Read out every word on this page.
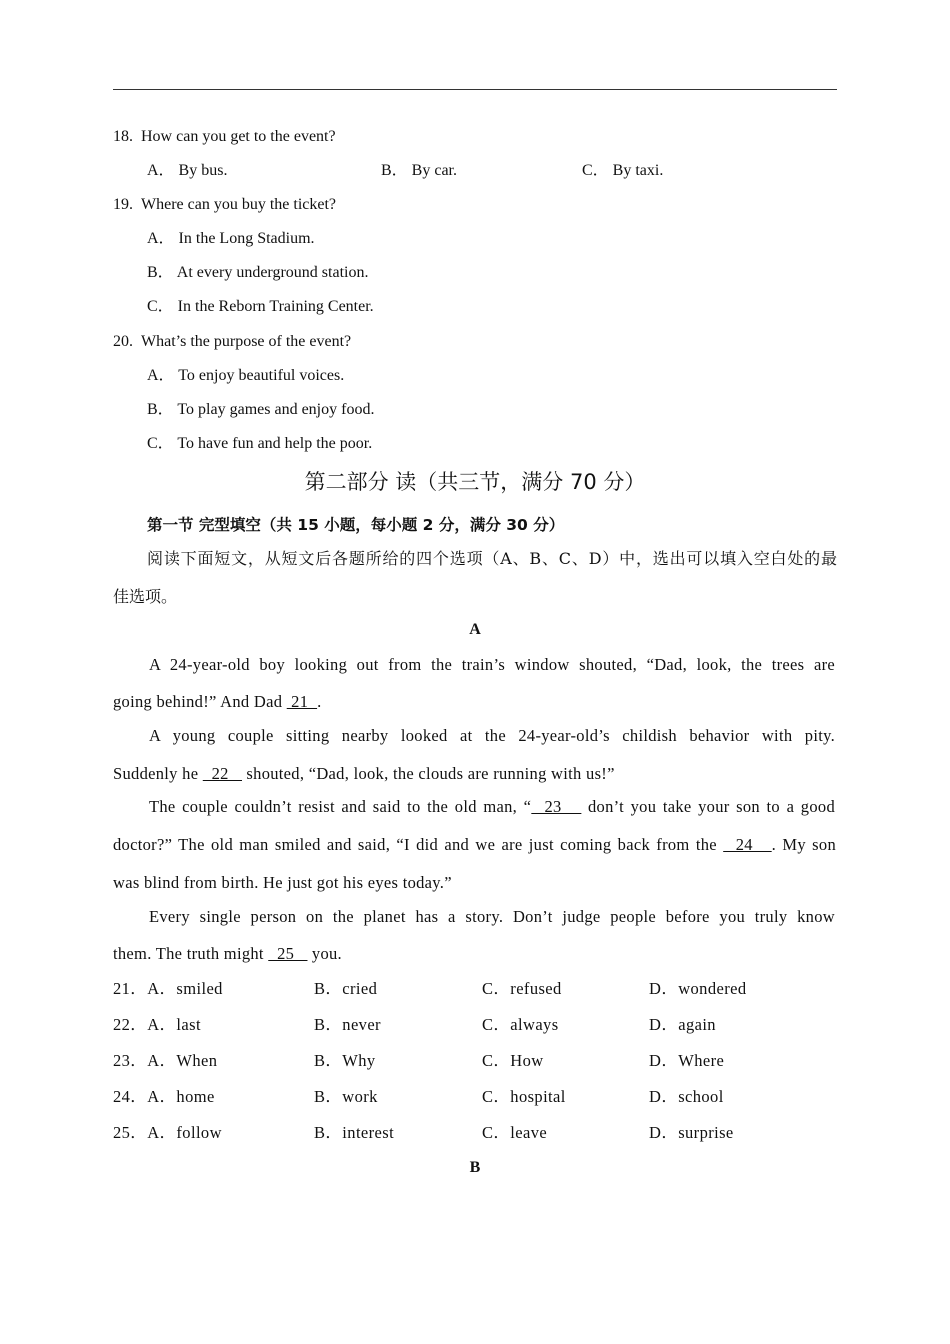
18. How can you get to the event?
A． By bus.	B． By car.	C． By taxi.
19. Where can you buy the ticket?
A． In the Long Stadium.
B． At every underground station.
C． In the Reborn Training Center.
20. What’s the purpose of the event?
A． To enjoy beautiful voices.
B． To play games and enjoy food.
C． To have fun and help the poor.
第二部分 读（共三节，满分 70 分）
第一节 完型填空（共 15 小题，每小题 2 分，满分 30 分）
阅读下面短文，从短文后各题所给的四个选项（A、B、C、D）中，选出可以填入空白处的最
佳选项。
A
A 24-year-old boy looking out from the train’s window shouted, “Dad, look, the trees are
going behind!” And Dad  21  .
A young couple sitting nearby looked at the 24-year-old’s childish behavior with pity.
Suddenly he   22    shouted, “Dad, look, the clouds are running with us!”
The couple couldn’t resist and said to the old man, “  23    don’t you take your son to a good
doctor?” The old man smiled and said, “I did and we are just coming back from the   24   . My son
was blind from birth. He just got his eyes today.”
Every single person on the planet has a story. Don’t judge people before you truly know
them. The truth might   25    you.
21．A．smiled	B．cried	C．refused	D．wondered
22．A．last	B．never	C．always	D．again
23．A．When	B．Why	C．How	D．Where
24．A．home	B．work	C．hospital	D．school
25．A．follow	B．interest	C．leave	D．surprise
B
